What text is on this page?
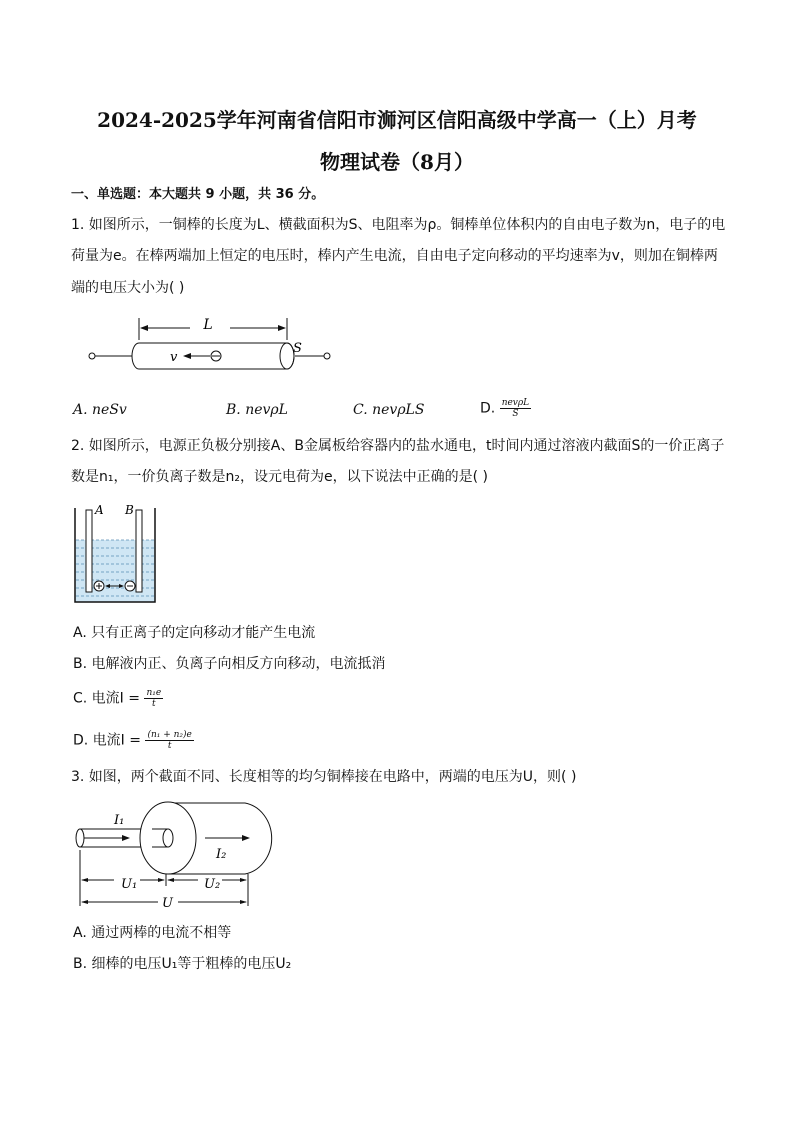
2024-2025学年河南省信阳市浉河区信阳高级中学高一（上）月考
物理试卷（8月）
一、单选题：本大题共 9 小题，共 36 分。
1. 如图所示，一铜棒的长度为L、横截面积为S、电阻率为ρ。铜棒单位体积内的自由电子数为n，电子的电
荷量为e。在棒两端加上恒定的电压时，棒内产生电流，自由电子定向移动的平均速率为v，则加在铜棒两
端的电压大小为( )
L
S
v
A. neSv	B. nevρL	C. nevρLS	D. $\frac{\text{nevρL}}{S}$
2. 如图所示，电源正负极分别接A、B金属板给容器内的盐水通电，t时间内通过溶液内截面S的一价正离子
数是n₁，一价负离子数是n₂，设元电荷为e，以下说法中正确的是( )
A B
A. 只有正离子的定向移动才能产生电流
B. 电解液内正、负离子向相反方向移动，电流抵消
C. 电流$I = \frac{\text{n₁e}}{t}$
D. 电流$I = \frac{\text{(n₁ + n₂)e}}{t}$
3. 如图，两个截面不同、长度相等的均匀铜棒接在电路中，两端的电压为U，则( )
I₁
I₂
U₁	U₂
U
A. 通过两棒的电流不相等
B. 细棒的电压U₁等于粗棒的电压U₂
